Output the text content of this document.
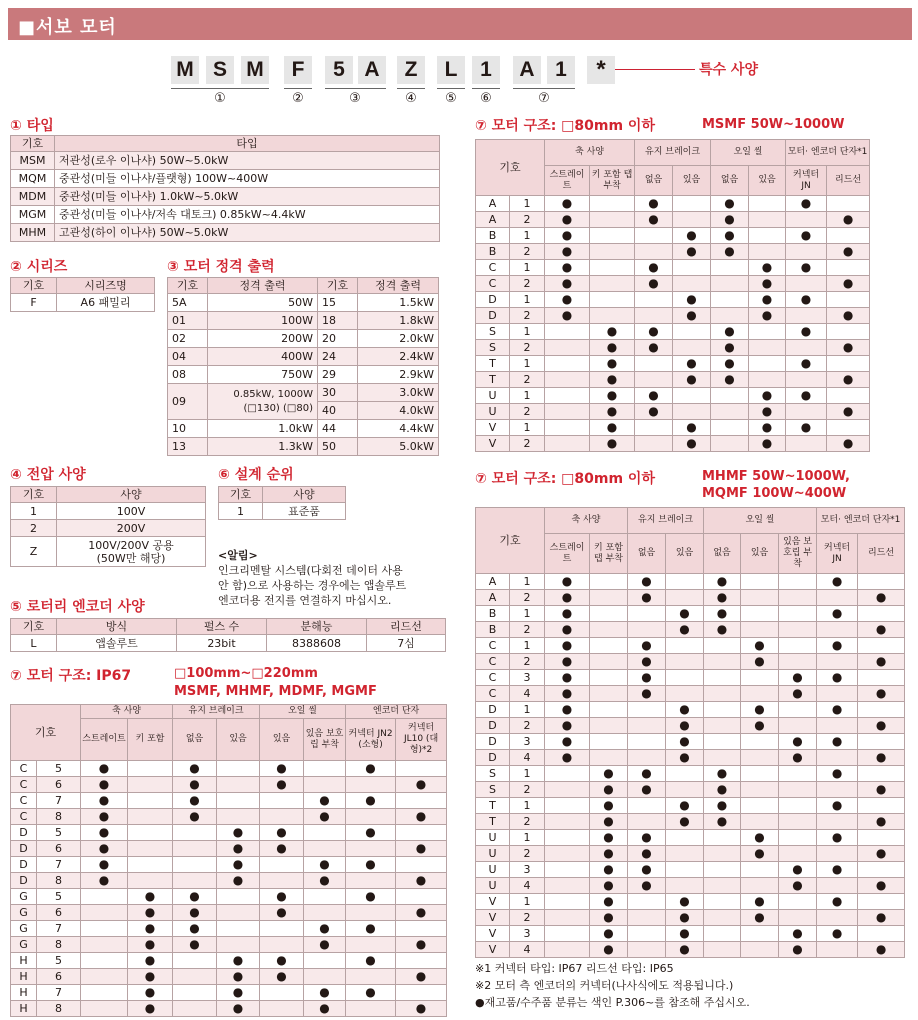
■서보 모터
M S M	F	5 A	Z	L	1	A 1	*
①	②	③	④	⑤	⑥	⑦
특수 사양
① 타입
기호	타입
MSM	저관성(로우 이나샤) 50W~5.0kW
MQM	중관성(미들 이나샤/플랫형) 100W~400W
MDM	중관성(미들 이나샤) 1.0kW~5.0kW
MGM	중관성(미들 이나샤/저속 대토크) 0.85kW~4.4kW
MHM	고관성(하이 이나샤) 50W~5.0kW
② 시리즈
기호	시리즈명
F	A6 패밀리
③ 모터 정격 출력
기호	정격 출력	기호	정격 출력
5A	50W	15	1.5kW
01	100W	18	1.8kW
02	200W	20	2.0kW
04	400W	24	2.4kW
08	750W	29	2.9kW
09	0.85kW, 1000W
(□130) (□80)	30	3.0kW
		40	4.0kW
10	1.0kW	44	4.4kW
13	1.3kW	50	5.0kW
④ 전압 사양
기호	사양
1	100V
2	200V
Z	100V/200V 공용
(50W만 해당)
⑥ 설계 순위
기호	사양
1	표준품
<알림>
인크리멘탈 시스템(다회전 데이터 사용
안 함)으로 사용하는 경우에는 앱솔루트
엔코더용 전지를 연결하지 마십시오.
⑤ 로터리 엔코더 사양
기호	방식	펄스 수	분해능	리드선
L	앱솔루트	23bit	8388608	7심
⑦ 모터 구조: IP67	□100mm~□220mm
MSMF, MHMF, MDMF, MGMF
기호		축 사양		유지 브레이크		오일 씰		엔코더 단자	
		스트레이트	키 포함	없음	있음	있음	있음 보호립 부착	커넥터 JN2 (소형)	커넥터 JL10 (대형)*2
C	5	●		●		●		●	
C	6	●		●		●			●
C	7	●		●			●	●	
C	8	●		●			●		●
D	5	●			●	●		●	
D	6	●			●	●			●
D	7	●			●		●	●	
D	8	●			●		●		●
G	5		●	●		●		●	
G	6		●	●		●			●
G	7		●	●			●	●	
G	8		●	●			●		●
H	5		●		●	●		●	
H	6		●		●	●			●
H	7		●		●		●	●	
H	8		●		●		●		●
⑦ 모터 구조: □80mm 이하	MSMF 50W~1000W
기호		축 사양		유지 브레이크		오일 씰		모터· 엔코더 단자*1	
		스트레이트	키 포함 탭 부착	없음	있음	없음	있음	커넥터 JN	리드선
A	1	●		●		●		●	
A	2	●		●		●			●
B	1	●			●	●		●	
B	2	●			●	●			●
C	1	●		●			●	●	
C	2	●		●			●		●
D	1	●			●		●	●	
D	2	●			●		●		●
S	1		●	●		●		●	
S	2		●	●		●			●
T	1		●		●	●		●	
T	2		●		●	●			●
U	1		●	●			●	●	
U	2		●	●			●		●
V	1		●		●		●	●	
V	2		●		●		●		●
⑦ 모터 구조: □80mm 이하	MHMF 50W~1000W,
MQMF 100W~400W
기호		축 사양		유지 브레이크		오일 씰			모터· 엔코더 단자*1	
		스트레이트	키 포함 탭 부착	없음	있음	없음	있음	있음 보호립 부착	커넥터 JN	리드선
A	1	●		●		●			●	
A	2	●		●		●				●
B	1	●			●	●			●	
B	2	●			●	●				●
C	1	●		●			●		●	
C	2	●		●			●			●
C	3	●		●				●	●	
C	4	●		●				●		●
D	1	●			●		●		●	
D	2	●			●		●			●
D	3	●			●			●	●	
D	4	●			●			●		●
S	1		●	●		●			●	
S	2		●	●		●				●
T	1		●		●	●			●	
T	2		●		●	●				●
U	1		●	●			●		●	
U	2		●	●			●			●
U	3		●	●				●	●	
U	4		●	●				●		●
V	1		●		●		●		●	
V	2		●		●		●			●
V	3		●		●			●	●	
V	4		●		●			●		●
※1 커넥터 타입: IP67 리드선 타입: IP65
※2 모터 측 엔코더의 커넥터(나사식에도 적용됩니다.)
●재고품/수주품 분류는 색인 P.306~를 참조해 주십시오.
